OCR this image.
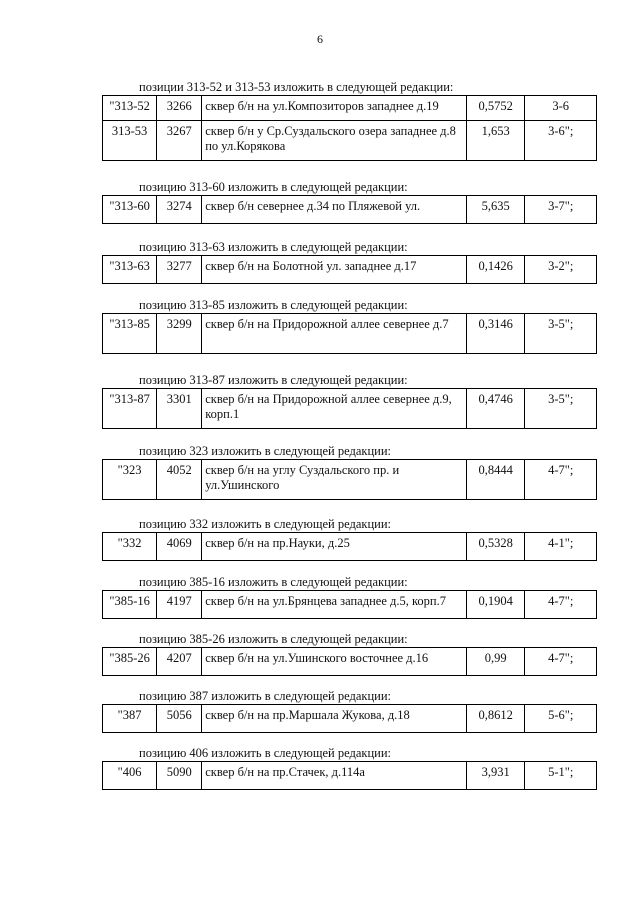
6
позиции 313-52 и 313-53 изложить в следующей редакции:
"313-52	3266	сквер б/н на ул.Композиторов западнее д.19	0,5752	3-6
313-53	3267	сквер б/н у Ср.Суздальского озера западнее д.8 по ул.Корякова	1,653	3-6";
позицию 313-60 изложить в следующей редакции:
"313-60	3274	сквер б/н севернее д.34 по Пляжевой ул.	5,635	3-7";
позицию 313-63 изложить в следующей редакции:
"313-63	3277	сквер б/н на Болотной ул. западнее д.17	0,1426	3-2";
позицию 313-85 изложить в следующей редакции:
"313-85	3299	сквер б/н на Придорожной аллее севернее д.7	0,3146	3-5";
позицию 313-87 изложить в следующей редакции:
"313-87	3301	сквер б/н на Придорожной аллее севернее д.9, корп.1	0,4746	3-5";
позицию 323 изложить в следующей редакции:
"323	4052	сквер б/н на углу Суздальского пр. и ул.Ушинского	0,8444	4-7";
позицию 332 изложить в следующей редакции:
"332	4069	сквер б/н на пр.Науки, д.25	0,5328	4-1";
позицию 385-16 изложить в следующей редакции:
"385-16	4197	сквер б/н на ул.Брянцева западнее д.5, корп.7	0,1904	4-7";
позицию 385-26 изложить в следующей редакции:
"385-26	4207	сквер б/н на ул.Ушинского восточнее д.16	0,99	4-7";
позицию 387 изложить в следующей редакции:
"387	5056	сквер б/н на пр.Маршала Жукова, д.18	0,8612	5-6";
позицию 406 изложить в следующей редакции:
"406	5090	сквер б/н на пр.Стачек, д.114а	3,931	5-1";
